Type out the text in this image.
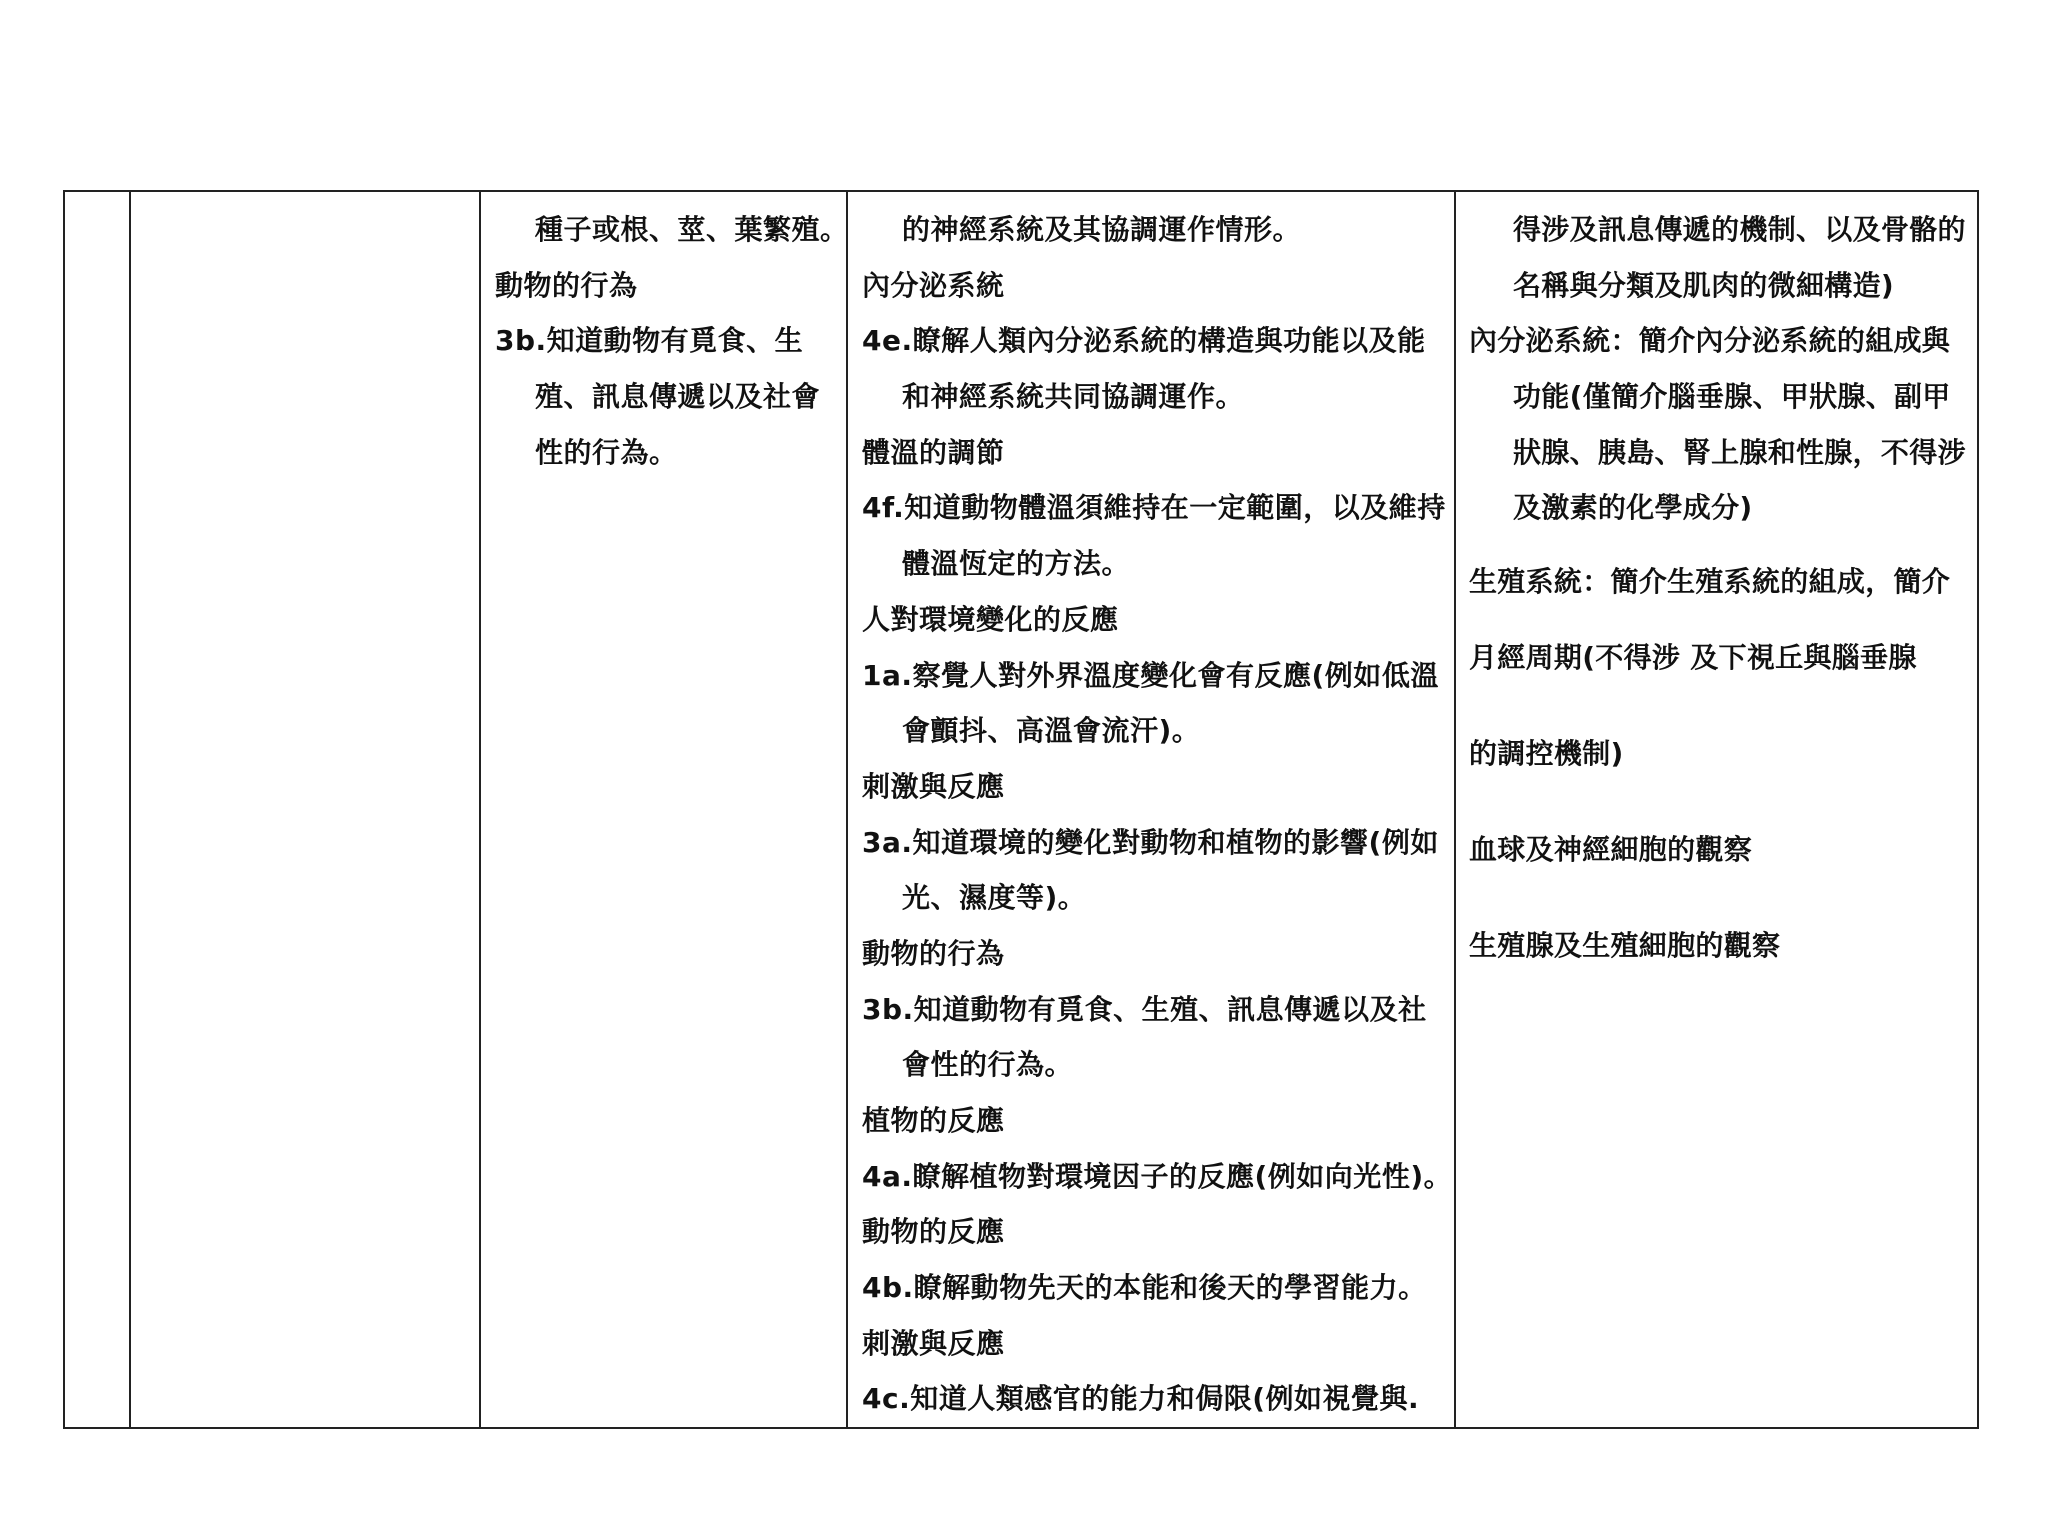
種子或根、莖、葉繁殖。
動物的行為
3b.知道動物有覓食、生
殖、訊息傳遞以及社會
性的行為。

的神經系統及其協調運作情形。
內分泌系統
4e.瞭解人類內分泌系統的構造與功能以及能
和神經系統共同協調運作。
體溫的調節
4f.知道動物體溫須維持在一定範圍，以及維持
體溫恆定的方法。
人對環境變化的反應
1a.察覺人對外界溫度變化會有反應(例如低溫
會顫抖、高溫會流汗)。
刺激與反應
3a.知道環境的變化對動物和植物的影響(例如
光、濕度等)。
動物的行為
3b.知道動物有覓食、生殖、訊息傳遞以及社
會性的行為。
植物的反應
4a.瞭解植物對環境因子的反應(例如向光性)。
動物的反應
4b.瞭解動物先天的本能和後天的學習能力。
刺激與反應
4c.知道人類感官的能力和侷限(例如視覺與.

得涉及訊息傳遞的機制、以及骨骼的
名稱與分類及肌肉的微細構造)
內分泌系統：簡介內分泌系統的組成與
功能(僅簡介腦垂腺、甲狀腺、副甲
狀腺、胰島、腎上腺和性腺，不得涉
及激素的化學成分)
生殖系統：簡介生殖系統的組成，簡介
月經周期(不得涉 及下視丘與腦垂腺
的調控機制)
血球及神經細胞的觀察
生殖腺及生殖細胞的觀察
